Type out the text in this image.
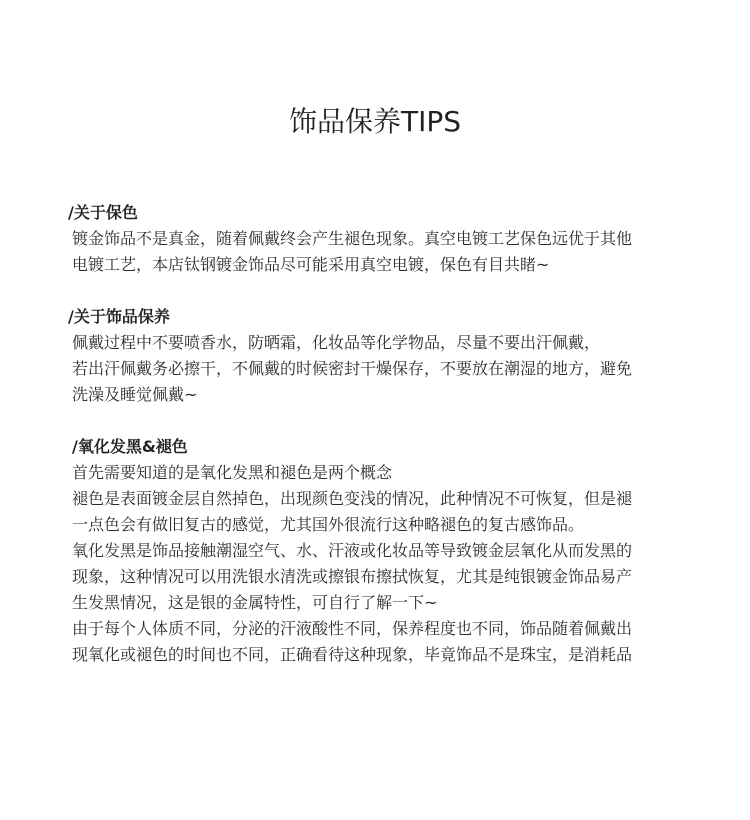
饰品保养TIPS
/关于保色
镀金饰品不是真金，随着佩戴终会产生褪色现象。真空电镀工艺保色远优于其他
电镀工艺，本店钛钢镀金饰品尽可能采用真空电镀，保色有目共睹~
/关于饰品保养
佩戴过程中不要喷香水，防晒霜，化妆品等化学物品，尽量不要出汗佩戴，
若出汗佩戴务必擦干，不佩戴的时候密封干燥保存，不要放在潮湿的地方，避免
洗澡及睡觉佩戴~
/氧化发黑&褪色
首先需要知道的是氧化发黑和褪色是两个概念
褪色是表面镀金层自然掉色，出现颜色变浅的情况，此种情况不可恢复，但是褪
一点色会有做旧复古的感觉，尤其国外很流行这种略褪色的复古感饰品。
氧化发黑是饰品接触潮湿空气、水、汗液或化妆品等导致镀金层氧化从而发黑的
现象，这种情况可以用洗银水清洗或擦银布擦拭恢复，尤其是纯银镀金饰品易产
生发黑情况，这是银的金属特性，可自行了解一下~
由于每个人体质不同，分泌的汗液酸性不同，保养程度也不同，饰品随着佩戴出
现氧化或褪色的时间也不同，正确看待这种现象，毕竟饰品不是珠宝，是消耗品
